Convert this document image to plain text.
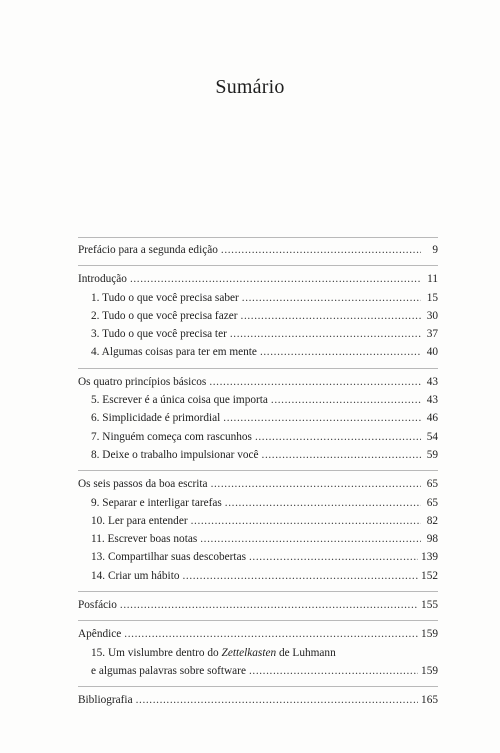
Sumário
Prefácio para a segunda edição .....	9
Introdução .....	11
1. Tudo o que você precisa saber .....	15
2. Tudo o que você precisa fazer .....	30
3. Tudo o que você precisa ter .....	37
4. Algumas coisas para ter em mente .....	40
Os quatro princípios básicos .....	43
5. Escrever é a única coisa que importa .....	43
6. Simplicidade é primordial .....	46
7. Ninguém começa com rascunhos .....	54
8. Deixe o trabalho impulsionar você .....	59
Os seis passos da boa escrita .....	65
9. Separar e interligar tarefas .....	65
10. Ler para entender .....	82
11. Escrever boas notas .....	98
13. Compartilhar suas descobertas .....	139
14. Criar um hábito .....	152
Posfácio .....	155
Apêndice .....	159
15. Um vislumbre dentro do Zettelkasten de Luhmann
e algumas palavras sobre software .....	159
Bibliografia .....	165
